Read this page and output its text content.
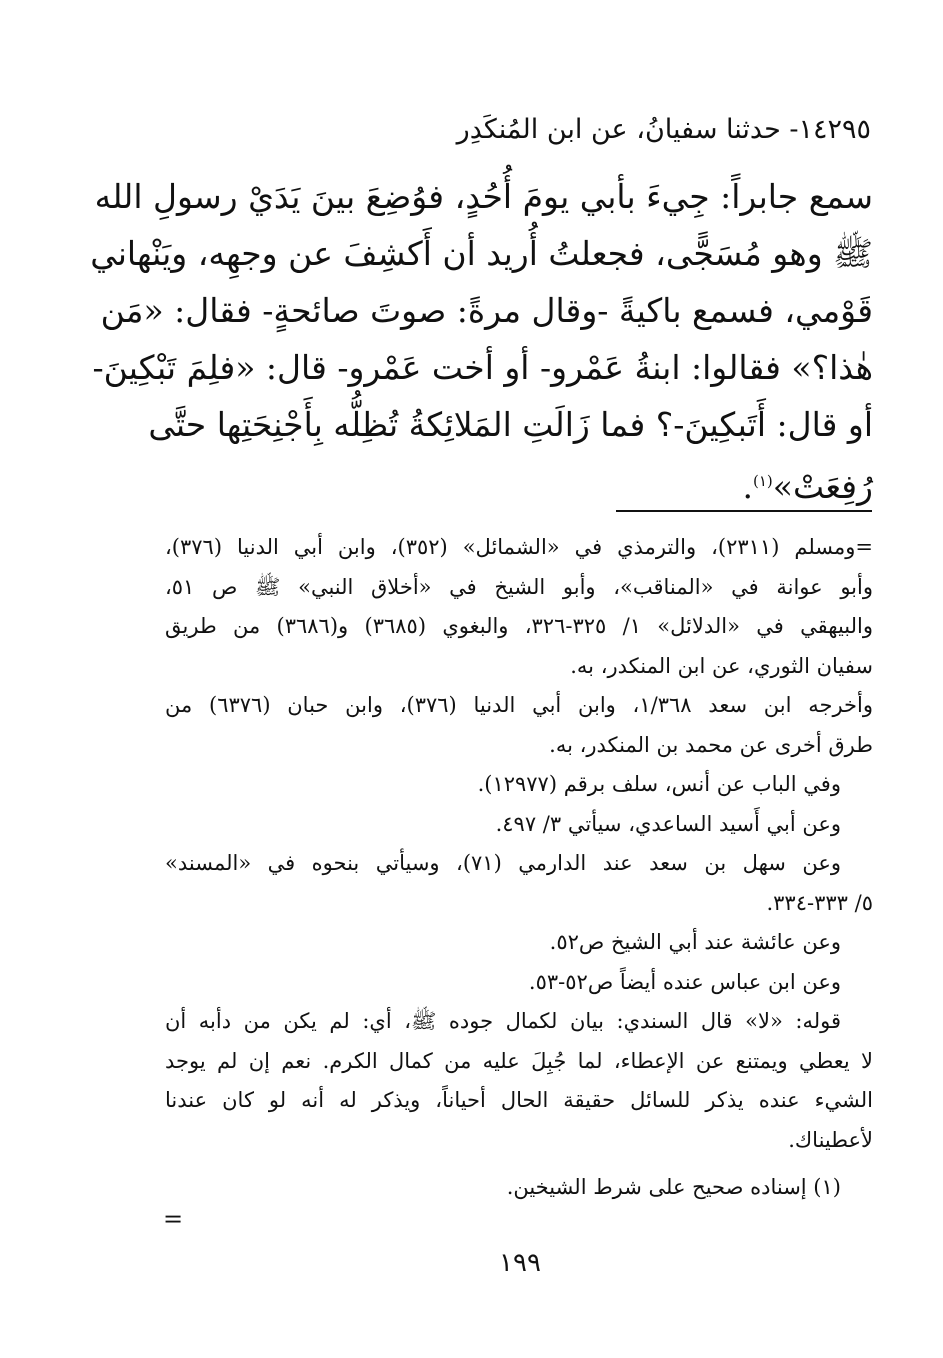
١٤٢٩٥- حدثنا سفيانُ، عن ابن المُنكَدِر
سمع جابراً: جِيءَ بأبي يومَ أُحُدٍ، فوُضِعَ بينَ يَدَيْ رسولِ الله
ﷺ وهو مُسَجًّى، فجعلتُ أُريد أن أَكشِفَ عن وجهِه، ويَنْهاني
قَوْمي، فسمع باكيةً -وقال مرةً: صوتَ صائحةٍ- فقال: «مَن
هٰذا؟» فقالوا: ابنةُ عَمْرو- أو أخت عَمْرو- قال: «فلِمَ تَبْكِينَ-
أو قال: أَتَبكِينَ-؟ فما زَالَتِ المَلائِكةُ تُظِلُّه بِأَجْنِحَتِها حتَّى
رُفِعَتْ»$^{(١)}$.
=ومسلم (٢٣١١)، والترمذي في «الشمائل» (٣٥٢)، وابن أبي الدنيا (٣٧٦)،
وأبو عوانة في «المناقب»، وأبو الشيخ في «أخلاق النبي» ﷺ ص ٥١،
والبيهقي في «الدلائل» ١/ ٣٢٥-٣٢٦، والبغوي (٣٦٨٥) و(٣٦٨٦) من طريق
سفيان الثوري، عن ابن المنكدر، به.
وأخرجه ابن سعد ١/٣٦٨، وابن أبي الدنيا (٣٧٦)، وابن حبان (٦٣٧٦) من
طرق أخرى عن محمد بن المنكدر، به.
وفي الباب عن أنس، سلف برقم (١٢٩٧٧).
وعن أبي أَسيد الساعدي، سيأتي ٣/ ٤٩٧.
وعن سهل بن سعد عند الدارمي (٧١)، وسيأتي بنحوه في «المسند»
٥/ ٣٣٣-٣٣٤.
وعن عائشة عند أبي الشيخ ص٥٢.
وعن ابن عباس عنده أيضاً ص٥٢-٥٣.
قوله: «لا» قال السندي: بيان لكمال جوده ﷺ، أي: لم يكن من دأبه أن
لا يعطي ويمتنع عن الإعطاء، لما جُبِلَ عليه من كمال الكرم. نعم إن لم يوجد
الشيء عنده يذكر للسائل حقيقة الحال أحياناً، ويذكر له أنه لو كان عندنا
لأعطيناك.
(١) إسناده صحيح على شرط الشيخين.
=
١٩٩
